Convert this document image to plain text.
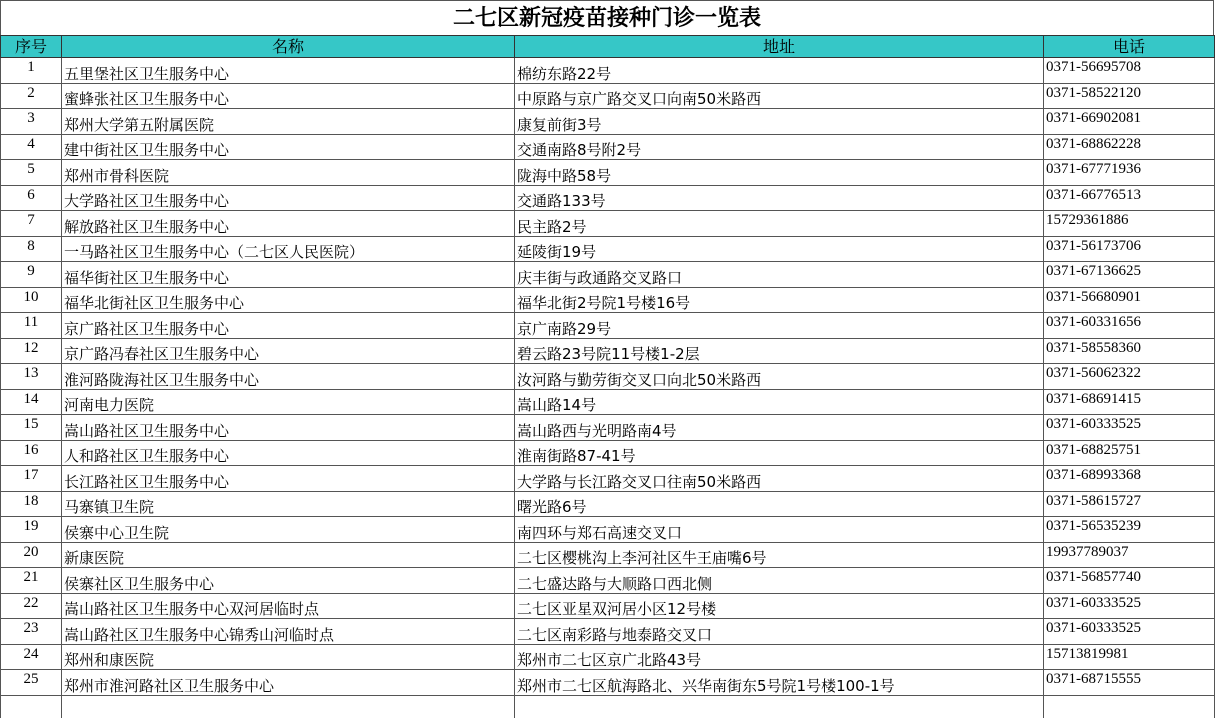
二七区新冠疫苗接种门诊一览表
序号	名称	地址	电话
1	五里堡社区卫生服务中心	棉纺东路22号	0371-56695708
2	蜜蜂张社区卫生服务中心	中原路与京广路交叉口向南50米路西	0371-58522120
3	郑州大学第五附属医院	康复前街3号	0371-66902081
4	建中街社区卫生服务中心	交通南路8号附2号	0371-68862228
5	郑州市骨科医院	陇海中路58号	0371-67771936
6	大学路社区卫生服务中心	交通路133号	0371-66776513
7	解放路社区卫生服务中心	民主路2号	15729361886
8	一马路社区卫生服务中心（二七区人民医院）	延陵街19号	0371-56173706
9	福华街社区卫生服务中心	庆丰街与政通路交叉路口	0371-67136625
10	福华北街社区卫生服务中心	福华北街2号院1号楼16号	0371-56680901
11	京广路社区卫生服务中心	京广南路29号	0371-60331656
12	京广路冯春社区卫生服务中心	碧云路23号院11号楼1-2层	0371-58558360
13	淮河路陇海社区卫生服务中心	汝河路与勤劳街交叉口向北50米路西	0371-56062322
14	河南电力医院	嵩山路14号	0371-68691415
15	嵩山路社区卫生服务中心	嵩山路西与光明路南4号	0371-60333525
16	人和路社区卫生服务中心	淮南街路87-41号	0371-68825751
17	长江路社区卫生服务中心	大学路与长江路交叉口往南50米路西	0371-68993368
18	马寨镇卫生院	曙光路6号	0371-58615727
19	侯寨中心卫生院	南四环与郑石高速交叉口	0371-56535239
20	新康医院	二七区樱桃沟上李河社区牛王庙嘴6号	19937789037
21	侯寨社区卫生服务中心	二七盛达路与大顺路口西北侧	0371-56857740
22	嵩山路社区卫生服务中心双河居临时点	二七区亚星双河居小区12号楼	0371-60333525
23	嵩山路社区卫生服务中心锦秀山河临时点	二七区南彩路与地泰路交叉口	0371-60333525
24	郑州和康医院	郑州市二七区京广北路43号	15713819981
25	郑州市淮河路社区卫生服务中心	郑州市二七区航海路北、兴华南街东5号院1号楼100-1号	0371-68715555
